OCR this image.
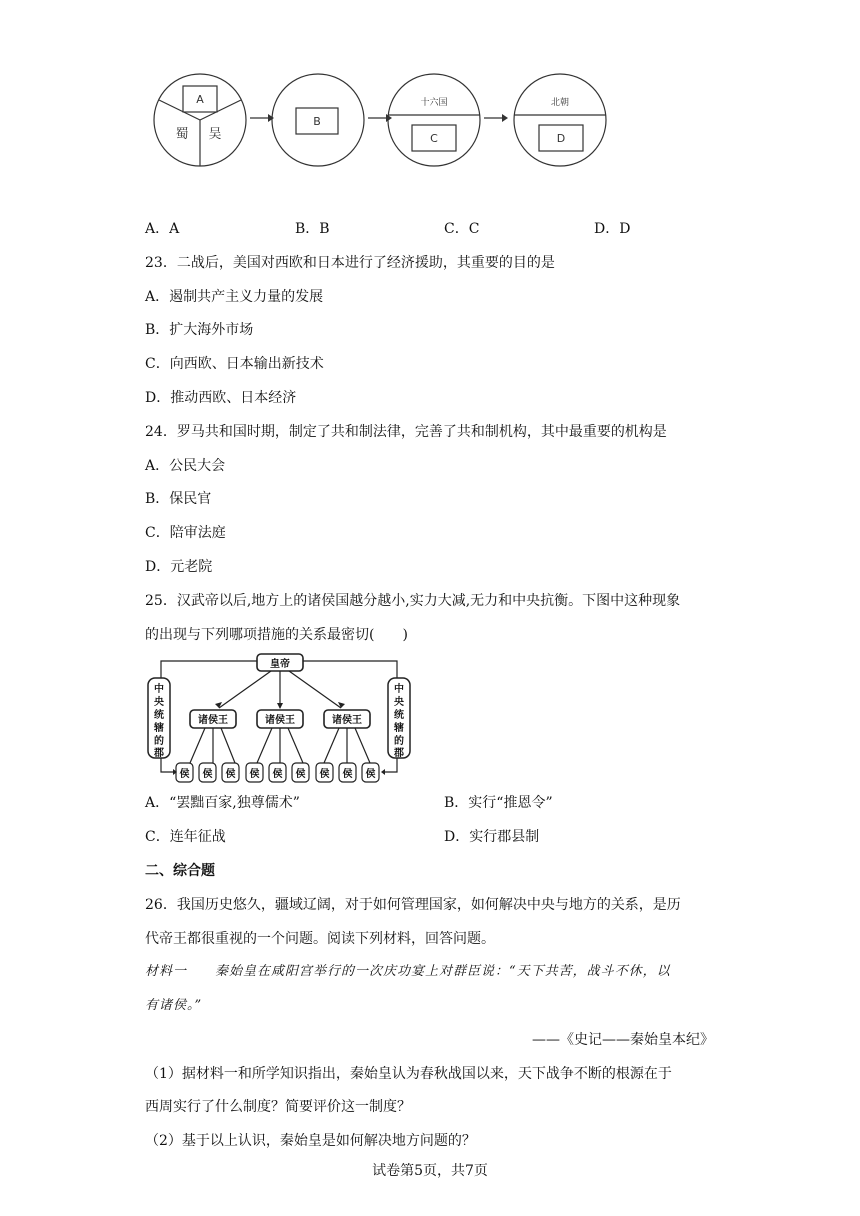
A
蜀 吴
B
十六国
C
北朝
D
A．A	B．B	C．C	D．D
23．二战后，美国对西欧和日本进行了经济援助，其重要的目的是
A．遏制共产主义力量的发展
B．扩大海外市场
C．向西欧、日本输出新技术
D．推动西欧、日本经济
24．罗马共和国时期，制定了共和制法律，完善了共和制机构，其中最重要的机构是
A．公民大会
B．保民官
C．陪审法庭
D．元老院
25．汉武帝以后,地方上的诸侯国越分越小,实力大减,无力和中央抗衡。下图中这种现象
的出现与下列哪项措施的关系最密切(　　)
皇帝
诸侯王	诸侯王	诸侯王
中
央
统
辖
的
郡
中
央
统
辖
的
郡
侯 侯 侯 侯 侯 侯 侯 侯 侯
A．“罢黜百家,独尊儒术”	B．实行“推恩令”
C．连年征战	D．实行郡县制
二、综合题
26．我国历史悠久，疆域辽阔，对于如何管理国家，如何解决中央与地方的关系，是历
代帝王都很重视的一个问题。阅读下列材料，回答问题。
材料一　　秦始皇在咸阳宫举行的一次庆功宴上对群臣说：“天下共苦，战斗不休，以
有诸侯。”
——《史记——秦始皇本纪》
（1）据材料一和所学知识指出，秦始皇认为春秋战国以来，天下战争不断的根源在于
西周实行了什么制度？简要评价这一制度？
（2）基于以上认识，秦始皇是如何解决地方问题的？
试卷第5页，共7页
